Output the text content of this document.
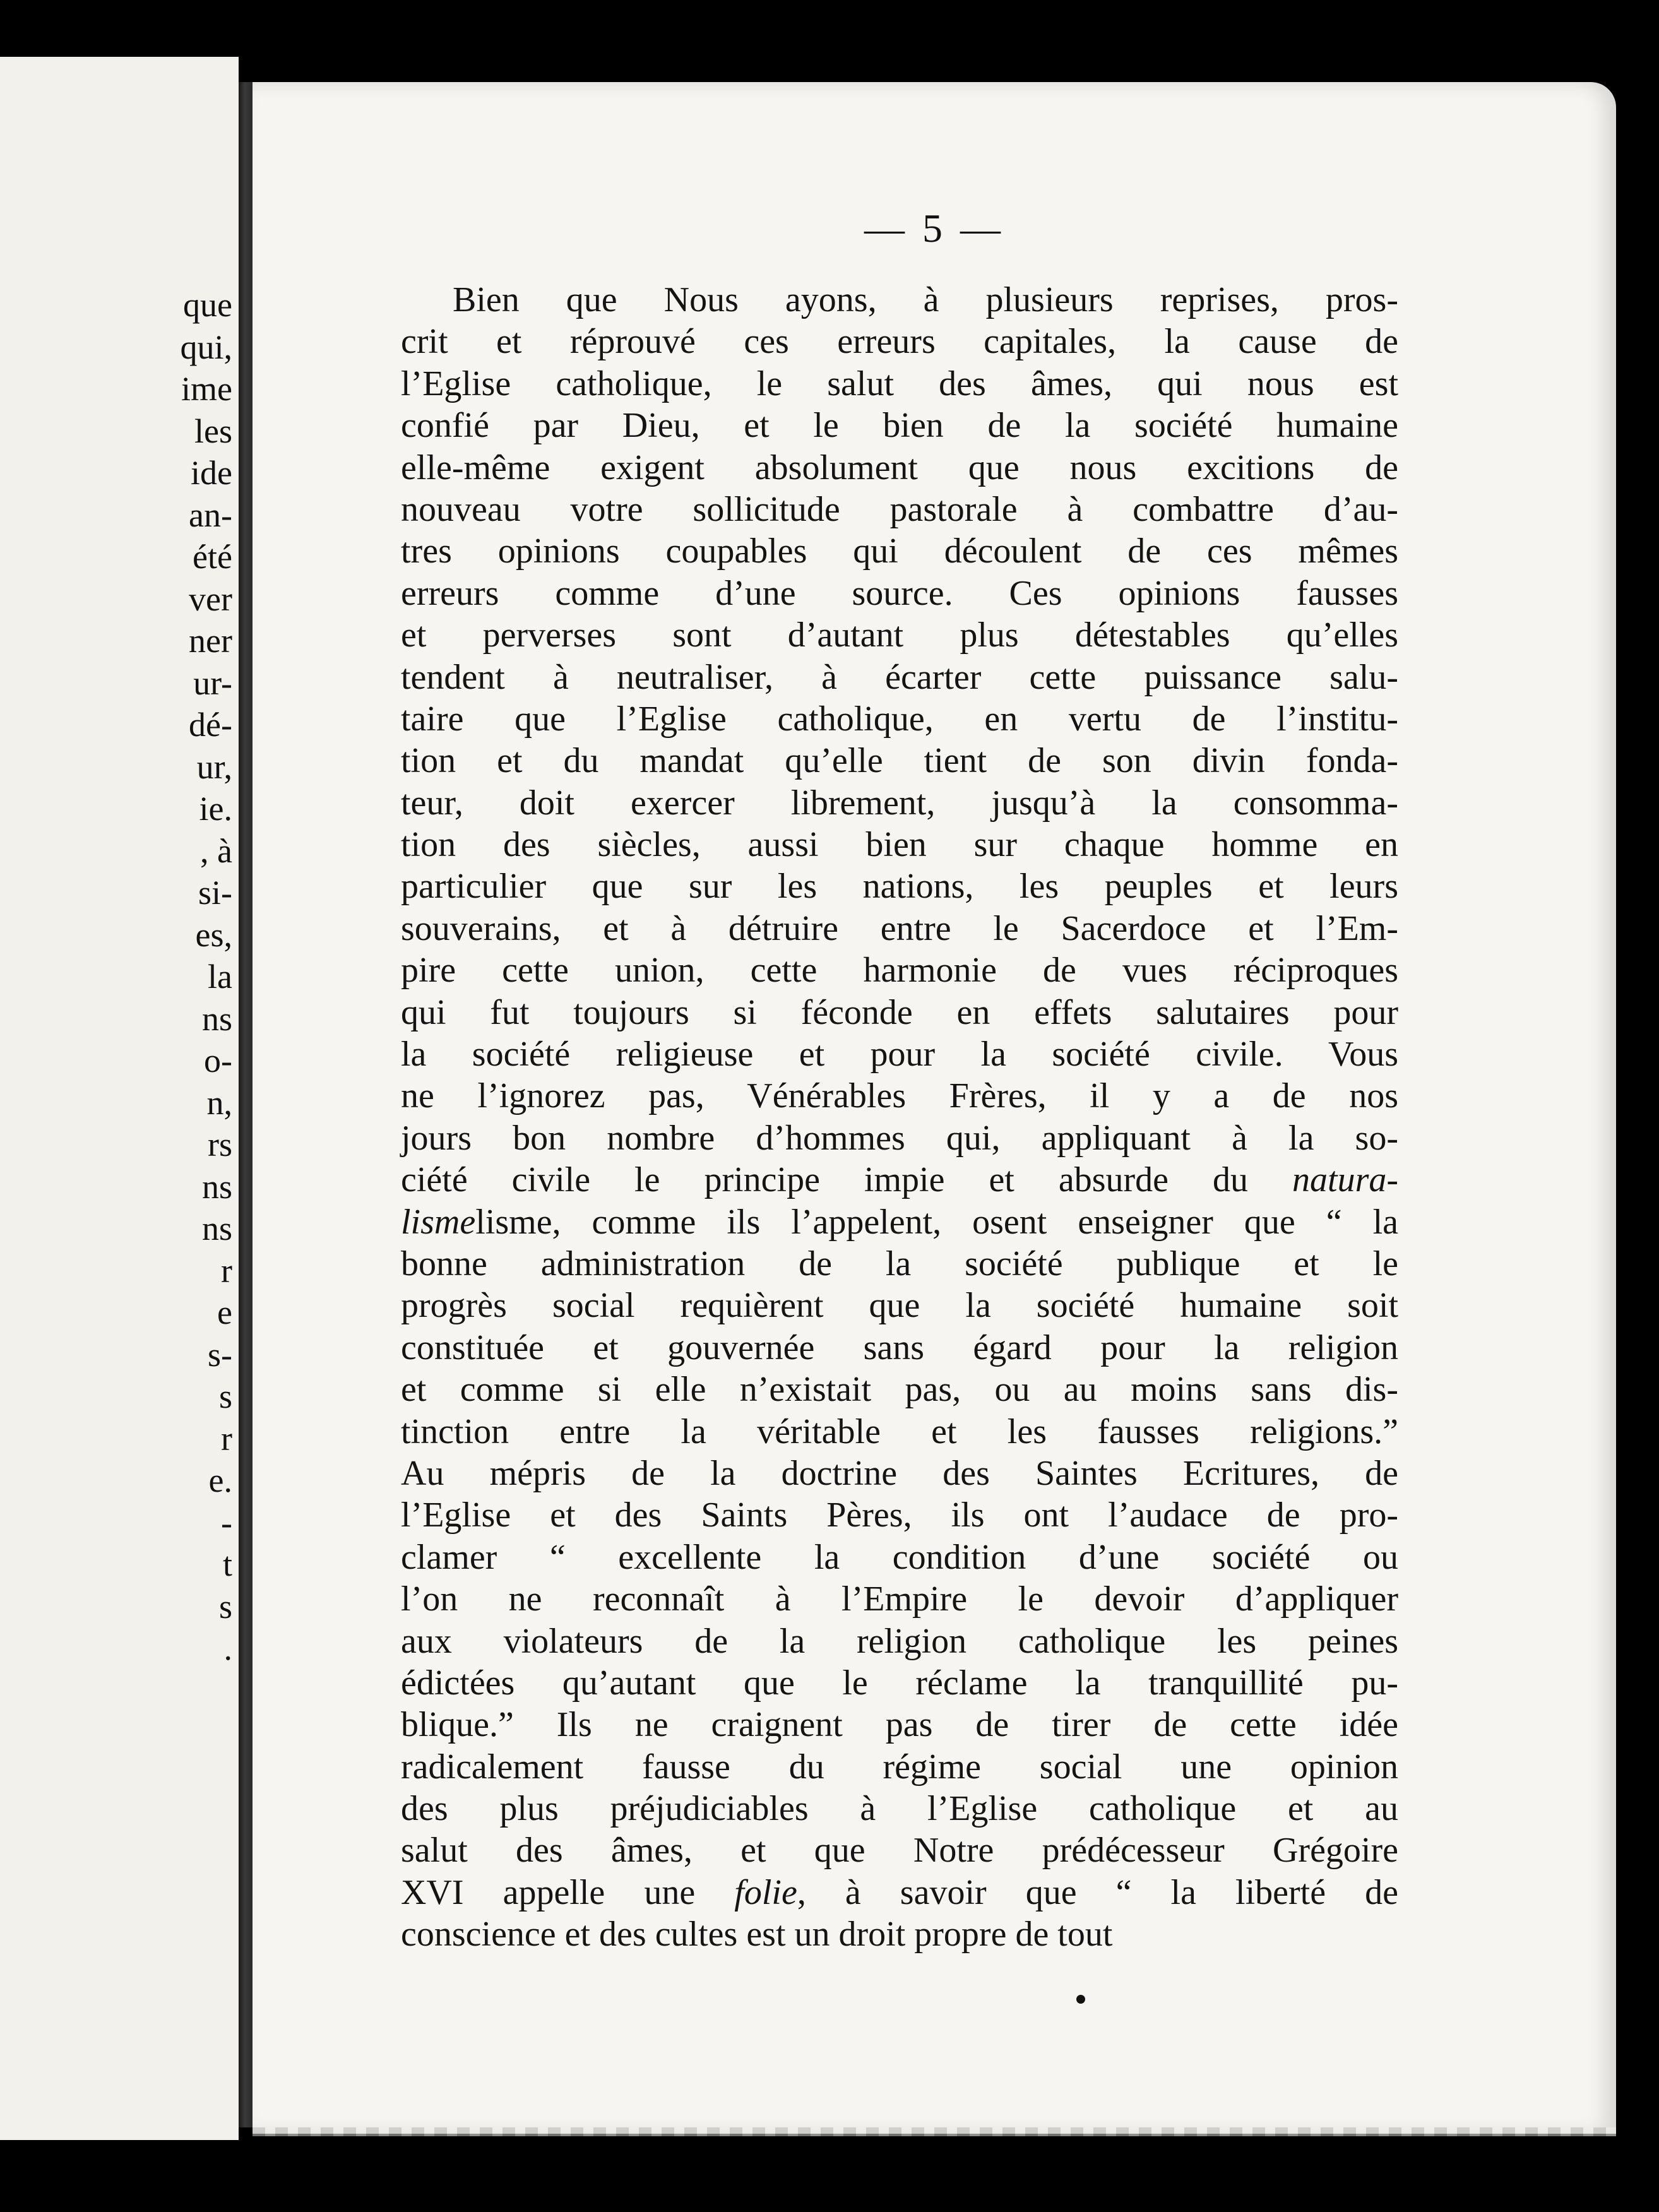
que
qui,
ime
les
ide
an-
été
ver
ner
ur-
dé-
ur,
ie.
, à
si-
es,
la
ns
o-
n,
rs
ns
ns
r
e
s-
s
r
e.
-
t
s
.
— 5 —
Bien que Nous ayons, à plusieurs reprises, pros-
crit et réprouvé ces erreurs capitales, la cause de
l’Eglise catholique, le salut des âmes, qui nous est
confié par Dieu, et le bien de la société humaine
elle-même exigent absolument que nous excitions de
nouveau votre sollicitude pastorale à combattre d’au-
tres opinions coupables qui découlent de ces mêmes
erreurs comme d’une source. Ces opinions fausses
et perverses sont d’autant plus détestables qu’elles
tendent à neutraliser, à écarter cette puissance salu-
taire que l’Eglise catholique, en vertu de l’institu-
tion et du mandat qu’elle tient de son divin fonda-
teur, doit exercer librement, jusqu’à la consomma-
tion des siècles, aussi bien sur chaque homme en
particulier que sur les nations, les peuples et leurs
souverains, et à détruire entre le Sacerdoce et l’Em-
pire cette union, cette harmonie de vues réciproques
qui fut toujours si féconde en effets salutaires pour
la société religieuse et pour la société civile. Vous
ne l’ignorez pas, Vénérables Frères, il y a de nos
jours bon nombre d’hommes qui, appliquant à la so-
ciété civile le principe impie et absurde du natura-
lismelisme, comme ils l’appelent, osent enseigner que “ la
bonne administration de la société publique et le
progrès social requièrent que la société humaine soit
constituée et gouvernée sans égard pour la religion
et comme si elle n’existait pas, ou au moins sans dis-
tinction entre la véritable et les fausses religions.”
Au mépris de la doctrine des Saintes Ecritures, de
l’Eglise et des Saints Pères, ils ont l’audace de pro-
clamer “ excellente la condition d’une société ou
l’on ne reconnaît à l’Empire le devoir d’appliquer
aux violateurs de la religion catholique les peines
édictées qu’autant que le réclame la tranquillité pu-
blique.” Ils ne craignent pas de tirer de cette idée
radicalement fausse du régime social une opinion
des plus préjudiciables à l’Eglise catholique et au
salut des âmes, et que Notre prédécesseur Grégoire
XVI appelle une folie, à savoir que “ la liberté de
conscience et des cultes est un droit propre de tout
